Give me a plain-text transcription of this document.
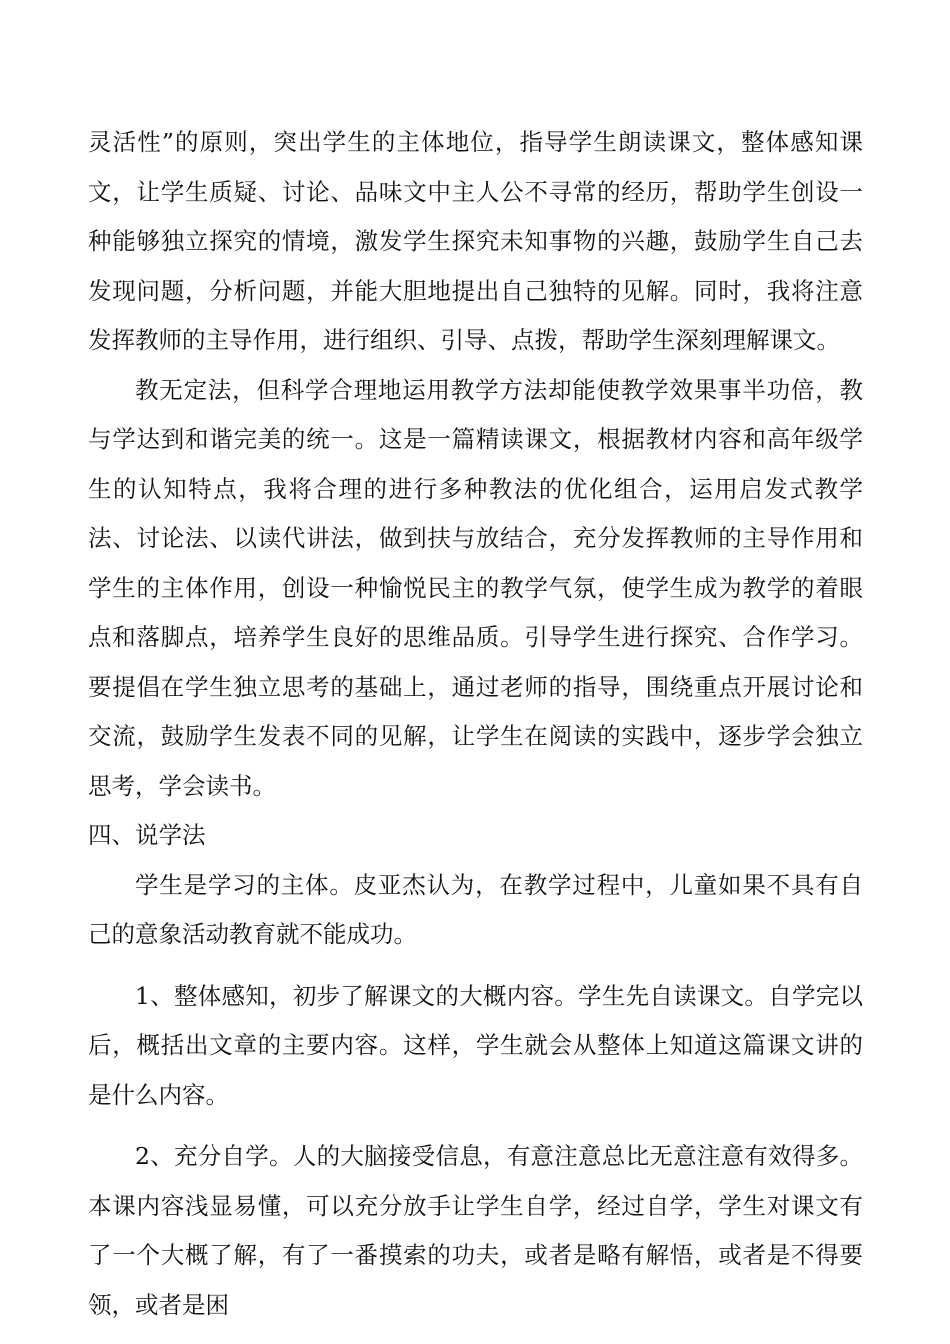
灵活性”的原则，突出学生的主体地位，指导学生朗读课文，整体感知课文，让学生质疑、讨论、品味文中主人公不寻常的经历，帮助学生创设一种能够独立探究的情境，激发学生探究未知事物的兴趣，鼓励学生自己去发现问题，分析问题，并能大胆地提出自己独特的见解。同时，我将注意发挥教师的主导作用，进行组织、引导、点拨，帮助学生深刻理解课文。

教无定法，但科学合理地运用教学方法却能使教学效果事半功倍，教与学达到和谐完美的统一。这是一篇精读课文，根据教材内容和高年级学生的认知特点，我将合理的进行多种教法的优化组合，运用启发式教学法、讨论法、以读代讲法，做到扶与放结合，充分发挥教师的主导作用和学生的主体作用，创设一种愉悦民主的教学气氛，使学生成为教学的着眼点和落脚点，培养学生良好的思维品质。引导学生进行探究、合作学习。要提倡在学生独立思考的基础上，通过老师的指导，围绕重点开展讨论和交流，鼓励学生发表不同的见解，让学生在阅读的实践中，逐步学会独立思考，学会读书。

四、说学法

学生是学习的主体。皮亚杰认为，在教学过程中，儿童如果不具有自己的意象活动教育就不能成功。

1、整体感知，初步了解课文的大概内容。学生先自读课文。自学完以后，概括出文章的主要内容。这样，学生就会从整体上知道这篇课文讲的是什么内容。

2、充分自学。人的大脑接受信息，有意注意总比无意注意有效得多。本课内容浅显易懂，可以充分放手让学生自学，经过自学，学生对课文有了一个大概了解，有了一番摸索的功夫，或者是略有解悟，或者是不得要领，或者是困
